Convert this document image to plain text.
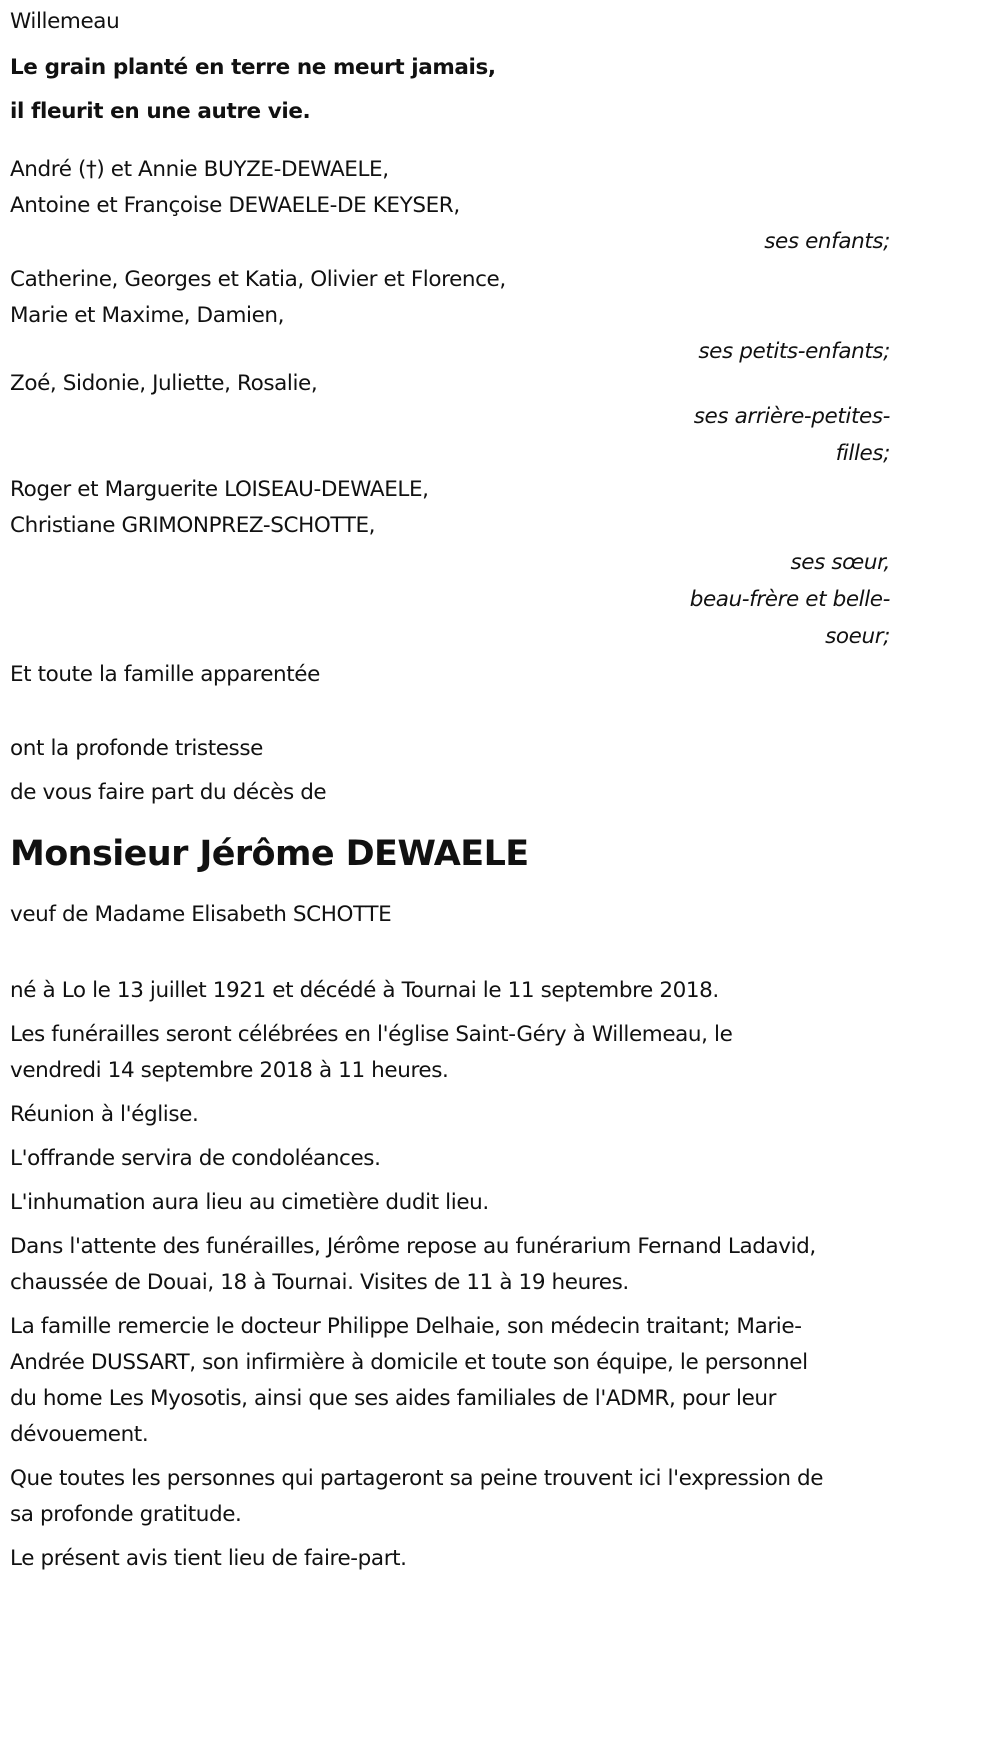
Willemeau
Le grain planté en terre ne meurt jamais,
il fleurit en une autre vie.
André (†) et Annie BUYZE-DEWAELE,
Antoine et Françoise DEWAELE-DE KEYSER,
ses enfants;
Catherine, Georges et Katia, Olivier et Florence,
Marie et Maxime, Damien,
ses petits-enfants;
Zoé, Sidonie, Juliette, Rosalie,
ses arrière-petites-
filles;
Roger et Marguerite LOISEAU-DEWAELE,
Christiane GRIMONPREZ-SCHOTTE,
ses sœur,
beau-frère et belle-
soeur;
Et toute la famille apparentée
ont la profonde tristesse
de vous faire part du décès de
Monsieur Jérôme DEWAELE
veuf de Madame Elisabeth SCHOTTE
né à Lo le 13 juillet 1921 et décédé à Tournai le 11 septembre 2018.
Les funérailles seront célébrées en l'église Saint-Géry à Willemeau, le vendredi 14 septembre 2018 à 11 heures.
Réunion à l'église.
L'offrande servira de condoléances.
L'inhumation aura lieu au cimetière dudit lieu.
Dans l'attente des funérailles, Jérôme repose au funérarium Fernand Ladavid, chaussée de Douai, 18 à Tournai. Visites de 11 à 19 heures.
La famille remercie le docteur Philippe Delhaie, son médecin traitant; Marie-Andrée DUSSART, son infirmière à domicile et toute son équipe, le personnel du home Les Myosotis, ainsi que ses aides familiales de l'ADMR, pour leur dévouement.
Que toutes les personnes qui partageront sa peine trouvent ici l'expression de sa profonde gratitude.
Le présent avis tient lieu de faire-part.
